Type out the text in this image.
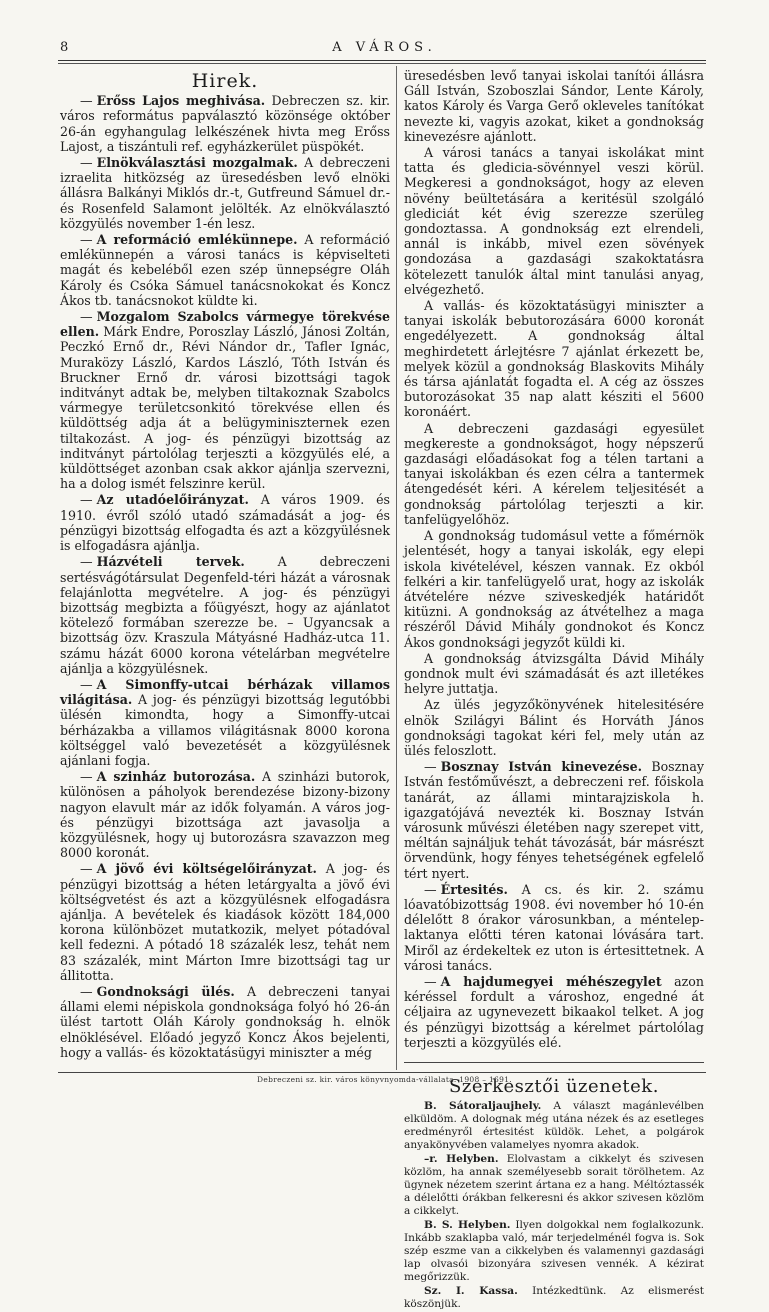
8	A VÁROS.
Hirek.

— Erőss Lajos meghivása. Debreczen sz. kir. város református papválasztó közönsége október 26-án egyhangulag lelkészének hivta meg Erőss Lajost, a tiszántuli ref. egyházkerület püspökét.

— Elnökválasztási mozgalmak. A debreczeni izraelita hitközség az üresedésben levő elnöki állásra Balkányi Miklós dr.-t, Gutfreund Sámuel dr.-és Rosenfeld Salamont jelölték. Az elnökválasztó közgyülés november 1-én lesz.

— A reformáció emlékünnepe. A reformáció emlékünnepén a városi tanács is képviselteti magát és kebeléből ezen szép ünnepségre Oláh Károly és Csóka Sámuel tanácsnokokat és Koncz Ákos tb. tanácsnokot küldte ki.

— Mozgalom Szabolcs vármegye törekvése ellen. Márk Endre, Poroszlay László, Jánosi Zoltán, Peczkó Ernő dr., Révi Nándor dr., Tafler Ignác, Muraközy László, Kardos László, Tóth István és Bruckner Ernő dr. városi bizottsági tagok inditványt adtak be, melyben tiltakoznak Szabolcs vármegye területcsonkitó törekvése ellen és küldöttség adja át a belügyminiszternek ezen tiltakozást. A jog- és pénzügyi bizottság az inditványt pártolólag terjeszti a közgyülés elé, a küldöttséget azonban csak akkor ajánlja szervezni, ha a dolog ismét felszinre kerül.

— Az utadóelőirányzat. A város 1909. és 1910. évről szóló utadó számadását a jog- és pénzügyi bizottság elfogadta és azt a közgyülésnek is elfogadásra ajánlja.

— Házvételi tervek.	A debreczeni sertésvágótársulat Degenfeld-téri házát a városnak felajánlotta megvételre. A jog- és pénzügyi bizottság megbizta a főügyészt, hogy az ajánlatot kötelező formában szerezze be. – Ugyancsak a bizottság özv. Kraszula Mátyásné Hadház-utca 11. számu házát 6000 korona vételárban megvételre ajánlja a közgyülésnek.

— A Simonffy-utcai bérházak villamos világitása. A jog- és pénzügyi bizottság legutóbbi ülésén kimondta, hogy a Simonffy-utcai bérházakba a villamos világitásnak 8000 korona költséggel való bevezetését a közgyülésnek ajánlani fogja.

— A szinház butorozása. A szinházi butorok, különösen a páholyok berendezése bizony-bizony nagyon elavult már az idők folyamán. A város jog- és pénzügyi bizottsága azt javasolja a közgyülésnek, hogy uj butorozásra szavazzon meg 8000 koronát.

— A jövő évi költségelőirányzat. A jog- és pénzügyi bizottság a héten letárgyalta a jövő évi költségvetést és azt a közgyülésnek elfogadásra ajánlja. A bevételek és kiadások között 184,000 korona különbözet mutatkozik, melyet pótadóval kell fedezni. A pótadó 18 százalék lesz, tehát nem 83 százalék, mint Márton Imre bizottsági tag ur állitotta.

— Gondnoksági ülés. A debreczeni tanyai állami elemi népiskola gondnoksága folyó hó 26-án ülést tartott Oláh Károly gondnokság h. elnök elnöklésével. Előadó jegyző Koncz Ákos bejelenti, hogy a vallás- és közoktatásügyi miniszter a még

üresedésben levő tanyai iskolai tanítói állásra Gáll István, Szoboszlai Sándor, Lente Károly, katos Károly és Varga Gerő okleveles tanítókat nevezte ki, vagyis azokat, kiket a gondnokság kinevezésre ajánlott.

A városi tanács a tanyai iskolákat mint tatta és gledicia-sövénnyel veszi körül. Megkeresi a gondnokságot, hogy az eleven növény beültetására a keritésül szolgáló glediciát két évig szerezze szerüleg gondoztassa. A gondnokság ezt elrendeli, annál is inkább, mivel ezen sövények gondozása a gazdasági szakoktatásra kötelezett tanulók által mint tanulási anyag, elvégezhető.

A vallás- és közoktatásügyi miniszter a tanyai iskolák bebutorozására 6000 koronát engedélyezett. A gondnokság által meghirdetett árlejtésre 7 ajánlat érkezett be, melyek közül a gondnokság Blaskovits Mihály és társa ajánlatát fogadta el. A cég az összes butorozásokat 35 nap alatt késziti el 5600 koronáért.

A debreczeni gazdasági egyesület megkereste a gondnokságot, hogy népszerű gazdasági előadásokat fog a télen tartani a tanyai iskolákban és ezen célra a tantermek átengedését kéri. A kérelem teljesitését a gondnokság pártolólag terjeszti a kir. tanfelügyelőhöz.

A gondnokság tudomásul vette a főmérnök jelentését, hogy a tanyai iskolák, egy elepi iskola kivételével, készen vannak. Ez okból felkéri a kir. tanfelügyelő urat, hogy az iskolák átvételére nézve sziveskedjék határidőt kitüzni. A gondnokság az átvételhez a maga részéről Dávid Mihály gondnokot és Koncz Ákos gondnoksági jegyzőt küldi ki.

A gondnokság átvizsgálta Dávid Mihály gondnok mult évi számadását és azt illetékes helyre juttatja.

Az ülés jegyzőkönyvének hitelesitésére elnök Szilágyi Bálint és Horváth János gondnoksági tagokat kéri fel, mely után az ülés feloszlott.

— Bosznay István kinevezése. Bosznay István festőművészt, a debreczeni ref. főiskola tanárát, az állami mintarajziskola h. igazgatójává nevezték ki. Bosznay István városunk művészi életében nagy szerepet vitt, méltán sajnáljuk tehát távozását, bár másrészt örvendünk, hogy fényes tehetségének egfelelő tért nyert.

— Értesités. A cs. és kir. 2. számu lóavatóbizottság 1908. évi november hó 10-én délelőtt 8 órakor városunkban, a méntelep-laktanya előtti téren katonai lóvására tart. Miről az érdekeltek ez uton is értesittetnek. A városi tanács.

— A hajdumegyei méhészegylet azon kéréssel fordult a városhoz, engedné át céljaira az ugynevezett bikaakol telket. A jog és pénzügyi bizottság a kérelmet pártolólag terjeszti a közgyülés elé.

Szerkesztői üzenetek.

B. Sátoraljaujhely. A választ magánlevélben elküldöm. A dolognak még utána nézek és az esetleges eredményről értesitést küldök. Lehet, a polgárok anyakönyvében valamelyes nyomra akadok.

–r. Helyben. Elolvastam a cikkelyt és szivesen közlöm, ha annak személyesebb sorait törölhetem. Az ügynek nézetem szerint ártana ez a hang. Méltóztassék a délelőtti órákban felkeresni és akkor szivesen közlöm a cikkelyt.

B. S. Helyben. Ilyen dolgokkal nem foglalkozunk. Inkább szaklapba való, már terjedelménél fogva is. Sok szép eszme van a cikkelyben és valamennyi gazdasági lap olvasói bizonyára szivesen vennék. A kézirat megőrizzük.

Sz. I. Kassa. Intézkedtünk. Az elismerést köszönjük.

Debreczeni sz. kir. város könyvnyomda-vállalata. 1908 – 1691.
